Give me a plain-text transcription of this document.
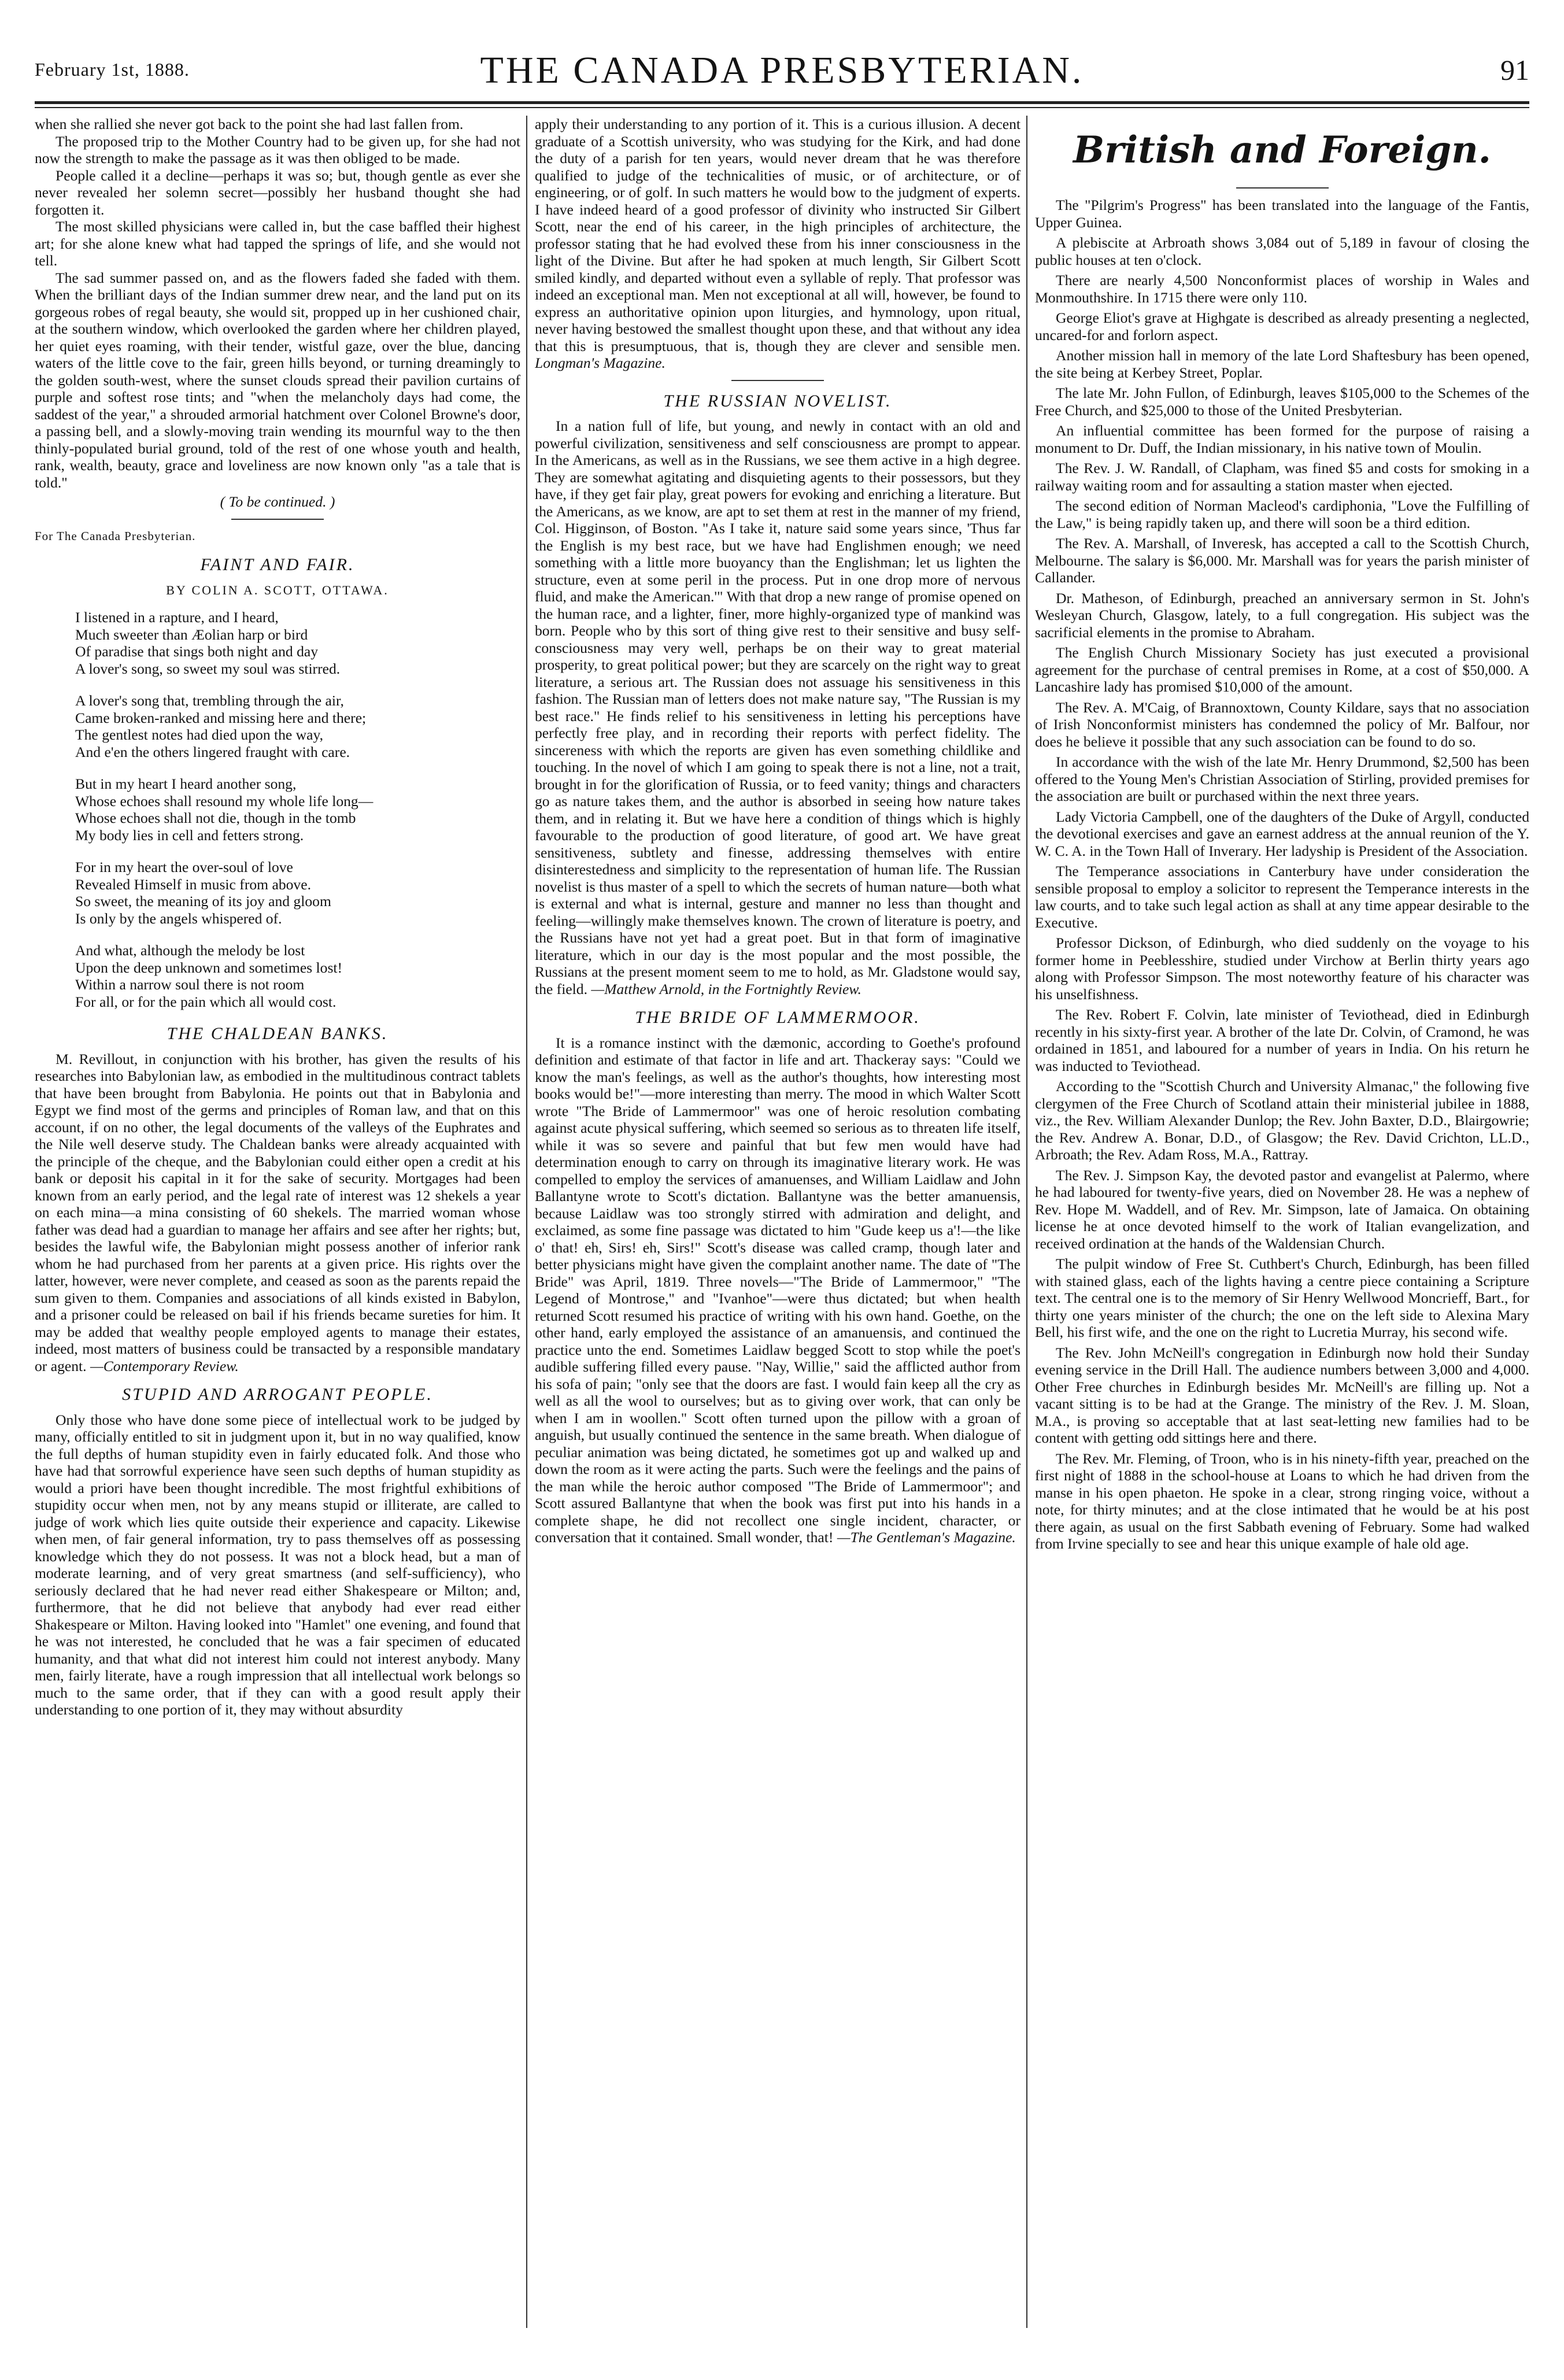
February 1st, 1888.	THE CANADA PRESBYTERIAN.	91

when she rallied she never got back to the point she had last fallen from.

The proposed trip to the Mother Country had to be given up, for she had not now the strength to make the passage as it was then obliged to be made.

People called it a decline—perhaps it was so; but, though gentle as ever she never revealed her solemn secret—possibly her husband thought she had forgotten it.

The most skilled physicians were called in, but the case baffled their highest art; for she alone knew what had tapped the springs of life, and she would not tell.

The sad summer passed on, and as the flowers faded she faded with them. When the brilliant days of the Indian summer drew near, and the land put on its gorgeous robes of regal beauty, she would sit, propped up in her cushioned chair, at the southern window, which overlooked the garden where her children played, her quiet eyes roaming, with their tender, wistful gaze, over the blue, dancing waters of the little cove to the fair, green hills beyond, or turning dreamingly to the golden south-west, where the sunset clouds spread their pavilion curtains of purple and softest rose tints; and "when the melancholy days had come, the saddest of the year," a shrouded armorial hatchment over Colonel Browne's door, a passing bell, and a slowly-moving train wending its mournful way to the then thinly-populated burial ground, told of the rest of one whose youth and health, rank, wealth, beauty, grace and loveliness are now known only "as a tale that is told."

( To be continued. )

For The Canada Presbyterian.

FAINT AND FAIR.
BY COLIN A. SCOTT, OTTAWA.
I listened in a rapture, and I heard,
Much sweeter than Æolian harp or bird
Of paradise that sings both night and day
A lover's song, so sweet my soul was stirred.
A lover's song that, trembling through the air,
Came broken-ranked and missing here and there;
The gentlest notes had died upon the way,
And e'en the others lingered fraught with care.
But in my heart I heard another song,
Whose echoes shall resound my whole life long—
Whose echoes shall not die, though in the tomb
My body lies in cell and fetters strong.
For in my heart the over-soul of love
Revealed Himself in music from above.
So sweet, the meaning of its joy and gloom
Is only by the angels whispered of.
And what, although the melody be lost
Upon the deep unknown and sometimes lost!
Within a narrow soul there is not room
For all, or for the pain which all would cost.
THE CHALDEAN BANKS.

M. Revillout, in conjunction with his brother, has given the results of his researches into Babylonian law, as embodied in the multitudinous contract tablets that have been brought from Babylonia. He points out that in Babylonia and Egypt we find most of the germs and principles of Roman law, and that on this account, if on no other, the legal documents of the valleys of the Euphrates and the Nile well deserve study. The Chaldean banks were already acquainted with the principle of the cheque, and the Babylonian could either open a credit at his bank or deposit his capital in it for the sake of security. Mortgages had been known from an early period, and the legal rate of interest was 12 shekels a year on each mina—a mina consisting of 60 shekels. The married woman whose father was dead had a guardian to manage her affairs and see after her rights; but, besides the lawful wife, the Babylonian might possess another of inferior rank whom he had purchased from her parents at a given price. His rights over the latter, however, were never complete, and ceased as soon as the parents repaid the sum given to them. Companies and associations of all kinds existed in Babylon, and a prisoner could be released on bail if his friends became sureties for him. It may be added that wealthy people employed agents to manage their estates, indeed, most matters of business could be transacted by a responsible mandatary or agent. —Contemporary Review.

STUPID AND ARROGANT PEOPLE.

Only those who have done some piece of intellectual work to be judged by many, officially entitled to sit in judgment upon it, but in no way qualified, know the full depths of human stupidity even in fairly educated folk. And those who have had that sorrowful experience have seen such depths of human stupidity as would a priori have been thought incredible. The most frightful exhibitions of stupidity occur when men, not by any means stupid or illiterate, are called to judge of work which lies quite outside their experience and capacity. Likewise when men, of fair general information, try to pass themselves off as possessing knowledge which they do not possess. It was not a block head, but a man of moderate learning, and of very great smartness (and self-sufficiency), who seriously declared that he had never read either Shakespeare or Milton; and, furthermore, that he did not believe that anybody had ever read either Shakespeare or Milton. Having looked into "Hamlet" one evening, and found that he was not interested, he concluded that he was a fair specimen of educated humanity, and that what did not interest him could not interest anybody. Many men, fairly literate, have a rough impression that all intellectual work belongs so much to the same order, that if they can with a good result apply their understanding to one portion of it, they may without absurdity

apply their understanding to any portion of it. This is a curious illusion. A decent graduate of a Scottish university, who was studying for the Kirk, and had done the duty of a parish for ten years, would never dream that he was therefore qualified to judge of the technicalities of music, or of architecture, or of engineering, or of golf. In such matters he would bow to the judgment of experts. I have indeed heard of a good professor of divinity who instructed Sir Gilbert Scott, near the end of his career, in the high principles of architecture, the professor stating that he had evolved these from his inner consciousness in the light of the Divine. But after he had spoken at much length, Sir Gilbert Scott smiled kindly, and departed without even a syllable of reply. That professor was indeed an exceptional man. Men not exceptional at all will, however, be found to express an authoritative opinion upon liturgies, and hymnology, upon ritual, never having bestowed the smallest thought upon these, and that without any idea that this is presumptuous, that is, though they are clever and sensible men. Longman's Magazine.

THE RUSSIAN NOVELIST.

In a nation full of life, but young, and newly in contact with an old and powerful civilization, sensitiveness and self consciousness are prompt to appear. In the Americans, as well as in the Russians, we see them active in a high degree. They are somewhat agitating and disquieting agents to their possessors, but they have, if they get fair play, great powers for evoking and enriching a literature. But the Americans, as we know, are apt to set them at rest in the manner of my friend, Col. Higginson, of Boston. "As I take it, nature said some years since, 'Thus far the English is my best race, but we have had Englishmen enough; we need something with a little more buoyancy than the Englishman; let us lighten the structure, even at some peril in the process. Put in one drop more of nervous fluid, and make the American.'" With that drop a new range of promise opened on the human race, and a lighter, finer, more highly-organized type of mankind was born. People who by this sort of thing give rest to their sensitive and busy self-consciousness may very well, perhaps be on their way to great material prosperity, to great political power; but they are scarcely on the right way to great literature, a serious art. The Russian does not assuage his sensitiveness in this fashion. The Russian man of letters does not make nature say, "The Russian is my best race." He finds relief to his sensitiveness in letting his perceptions have perfectly free play, and in recording their reports with perfect fidelity. The sincereness with which the reports are given has even something childlike and touching. In the novel of which I am going to speak there is not a line, not a trait, brought in for the glorification of Russia, or to feed vanity; things and characters go as nature takes them, and the author is absorbed in seeing how nature takes them, and in relating it. But we have here a condition of things which is highly favourable to the production of good literature, of good art. We have great sensitiveness, subtlety and finesse, addressing themselves with entire disinterestedness and simplicity to the representation of human life. The Russian novelist is thus master of a spell to which the secrets of human nature—both what is external and what is internal, gesture and manner no less than thought and feeling—willingly make themselves known. The crown of literature is poetry, and the Russians have not yet had a great poet. But in that form of imaginative literature, which in our day is the most popular and the most possible, the Russians at the present moment seem to me to hold, as Mr. Gladstone would say, the field. —Matthew Arnold, in the Fortnightly Review.

THE BRIDE OF LAMMERMOOR.

It is a romance instinct with the dæmonic, according to Goethe's profound definition and estimate of that factor in life and art. Thackeray says: "Could we know the man's feelings, as well as the author's thoughts, how interesting most books would be!"—more interesting than merry. The mood in which Walter Scott wrote "The Bride of Lammermoor" was one of heroic resolution combating against acute physical suffering, which seemed so serious as to threaten life itself, while it was so severe and painful that but few men would have had determination enough to carry on through its imaginative literary work. He was compelled to employ the services of amanuenses, and William Laidlaw and John Ballantyne wrote to Scott's dictation. Ballantyne was the better amanuensis, because Laidlaw was too strongly stirred with admiration and delight, and exclaimed, as some fine passage was dictated to him "Gude keep us a'!—the like o' that! eh, Sirs! eh, Sirs!" Scott's disease was called cramp, though later and better physicians might have given the complaint another name. The date of "The Bride" was April, 1819. Three novels—"The Bride of Lammermoor," "The Legend of Montrose," and "Ivanhoe"—were thus dictated; but when health returned Scott resumed his practice of writing with his own hand. Goethe, on the other hand, early employed the assistance of an amanuensis, and continued the practice unto the end. Sometimes Laidlaw begged Scott to stop while the poet's audible suffering filled every pause. "Nay, Willie," said the afflicted author from his sofa of pain; "only see that the doors are fast. I would fain keep all the cry as well as all the wool to ourselves; but as to giving over work, that can only be when I am in woollen." Scott often turned upon the pillow with a groan of anguish, but usually continued the sentence in the same breath. When dialogue of peculiar animation was being dictated, he sometimes got up and walked up and down the room as it were acting the parts. Such were the feelings and the pains of the man while the heroic author composed "The Bride of Lammermoor"; and Scott assured Ballantyne that when the book was first put into his hands in a complete shape, he did not recollect one single incident, character, or conversation that it contained. Small wonder, that! —The Gentleman's Magazine.

British and Foreign.

The "Pilgrim's Progress" has been translated into the language of the Fantis, Upper Guinea.

A plebiscite at Arbroath shows 3,084 out of 5,189 in favour of closing the public houses at ten o'clock.

There are nearly 4,500 Nonconformist places of worship in Wales and Monmouthshire. In 1715 there were only 110.

George Eliot's grave at Highgate is described as already presenting a neglected, uncared-for and forlorn aspect.

Another mission hall in memory of the late Lord Shaftesbury has been opened, the site being at Kerbey Street, Poplar.

The late Mr. John Fullon, of Edinburgh, leaves $105,000 to the Schemes of the Free Church, and $25,000 to those of the United Presbyterian.

An influential committee has been formed for the purpose of raising a monument to Dr. Duff, the Indian missionary, in his native town of Moulin.

The Rev. J. W. Randall, of Clapham, was fined $5 and costs for smoking in a railway waiting room and for assaulting a station master when ejected.

The second edition of Norman Macleod's cardiphonia, "Love the Fulfilling of the Law," is being rapidly taken up, and there will soon be a third edition.

The Rev. A. Marshall, of Inveresk, has accepted a call to the Scottish Church, Melbourne. The salary is $6,000. Mr. Marshall was for years the parish minister of Callander.

Dr. Matheson, of Edinburgh, preached an anniversary sermon in St. John's Wesleyan Church, Glasgow, lately, to a full congregation. His subject was the sacrificial elements in the promise to Abraham.

The English Church Missionary Society has just executed a provisional agreement for the purchase of central premises in Rome, at a cost of $50,000. A Lancashire lady has promised $10,000 of the amount.

The Rev. A. M'Caig, of Brannoxtown, County Kildare, says that no association of Irish Nonconformist ministers has condemned the policy of Mr. Balfour, nor does he believe it possible that any such association can be found to do so.

In accordance with the wish of the late Mr. Henry Drummond, $2,500 has been offered to the Young Men's Christian Association of Stirling, provided premises for the association are built or purchased within the next three years.

Lady Victoria Campbell, one of the daughters of the Duke of Argyll, conducted the devotional exercises and gave an earnest address at the annual reunion of the Y. W. C. A. in the Town Hall of Inverary. Her ladyship is President of the Association.

The Temperance associations in Canterbury have under consideration the sensible proposal to employ a solicitor to represent the Temperance interests in the law courts, and to take such legal action as shall at any time appear desirable to the Executive.

Professor Dickson, of Edinburgh, who died suddenly on the voyage to his former home in Peeblesshire, studied under Virchow at Berlin thirty years ago along with Professor Simpson. The most noteworthy feature of his character was his unselfishness.

The Rev. Robert F. Colvin, late minister of Teviothead, died in Edinburgh recently in his sixty-first year. A brother of the late Dr. Colvin, of Cramond, he was ordained in 1851, and laboured for a number of years in India. On his return he was inducted to Teviothead.

According to the "Scottish Church and University Almanac," the following five clergymen of the Free Church of Scotland attain their ministerial jubilee in 1888, viz., the Rev. William Alexander Dunlop; the Rev. John Baxter, D.D., Blairgowrie; the Rev. Andrew A. Bonar, D.D., of Glasgow; the Rev. David Crichton, LL.D., Arbroath; the Rev. Adam Ross, M.A., Rattray.

The Rev. J. Simpson Kay, the devoted pastor and evangelist at Palermo, where he had laboured for twenty-five years, died on November 28. He was a nephew of Rev. Hope M. Waddell, and of Rev. Mr. Simpson, late of Jamaica. On obtaining license he at once devoted himself to the work of Italian evangelization, and received ordination at the hands of the Waldensian Church.

The pulpit window of Free St. Cuthbert's Church, Edinburgh, has been filled with stained glass, each of the lights having a centre piece containing a Scripture text. The central one is to the memory of Sir Henry Wellwood Moncrieff, Bart., for thirty one years minister of the church; the one on the left side to Alexina Mary Bell, his first wife, and the one on the right to Lucretia Murray, his second wife.

The Rev. John McNeill's congregation in Edinburgh now hold their Sunday evening service in the Drill Hall. The audience numbers between 3,000 and 4,000. Other Free churches in Edinburgh besides Mr. McNeill's are filling up. Not a vacant sitting is to be had at the Grange. The ministry of the Rev. J. M. Sloan, M.A., is proving so acceptable that at last seat-letting new families had to be content with getting odd sittings here and there.

The Rev. Mr. Fleming, of Troon, who is in his ninety-fifth year, preached on the first night of 1888 in the school-house at Loans to which he had driven from the manse in his open phaeton. He spoke in a clear, strong ringing voice, without a note, for thirty minutes; and at the close intimated that he would be at his post there again, as usual on the first Sabbath evening of February. Some had walked from Irvine specially to see and hear this unique example of hale old age.
